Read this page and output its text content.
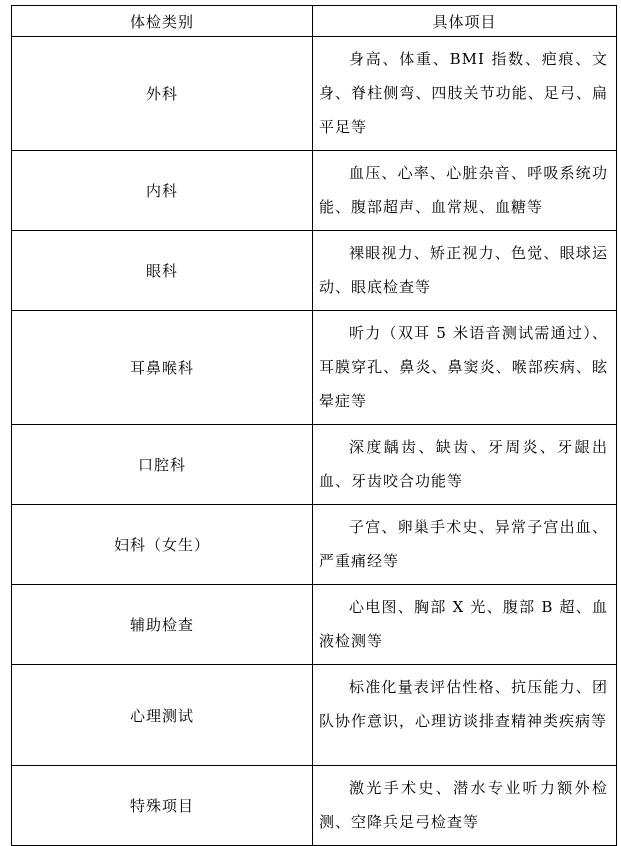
体检类别	具体项目
外科	身高、体重、BMI 指数、疤痕、文身、脊柱侧弯、四肢关节功能、足弓、扁平足等

内科	血压、心率、心脏杂音、呼吸系统功能、腹部超声、血常规、血糖等

眼科	裸眼视力、矫正视力、色觉、眼球运动、眼底检查等

耳鼻喉科	听力（双耳 5 米语音测试需通过）、耳膜穿孔、鼻炎、鼻窦炎、喉部疾病、眩晕症等

口腔科	深度龋齿、缺齿、牙周炎、牙龈出血、牙齿咬合功能等

妇科（女生）	子宫、卵巢手术史、异常子宫出血、严重痛经等

辅助检查	心电图、胸部 X 光、腹部 B 超、血液检测等

心理测试	标准化量表评估性格、抗压能力、团队协作意识，心理访谈排查精神类疾病等

特殊项目	激光手术史、潜水专业听力额外检测、空降兵足弓检查等
